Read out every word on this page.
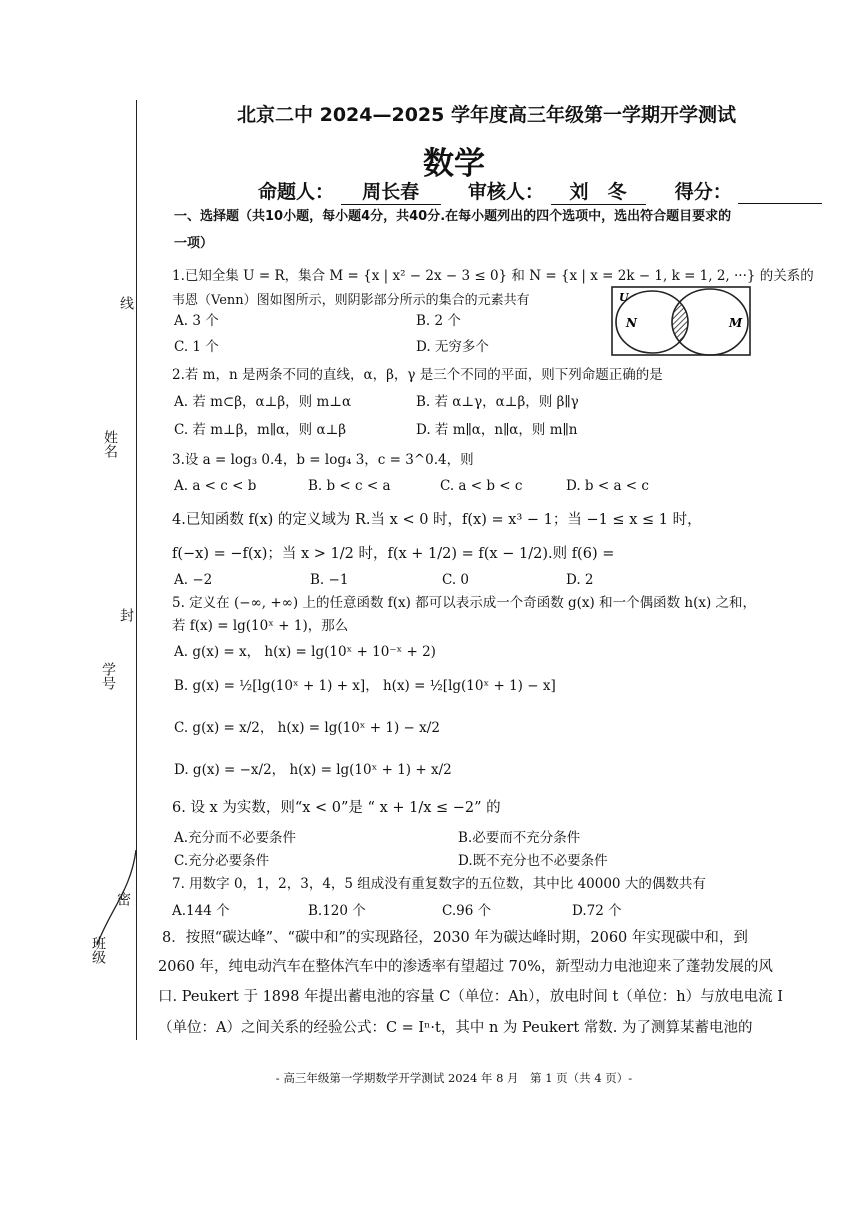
线
姓名
封
学号
密
班级
北京二中 2024—2025 学年度高三年级第一学期开学测试
数学
命题人： 周长春	审核人： 刘　冬	得分：
一、选择题（共10小题，每小题4分，共40分.在每小题列出的四个选项中，选出符合题目要求的
一项）
1.已知全集 U = R，集合 M = {x | x² − 2x − 3 ≤ 0} 和 N = {x | x = 2k − 1, k = 1, 2, ···} 的关系的
韦恩（Venn）图如图所示，则阴影部分所示的集合的元素共有
A. 3 个	B. 2 个
C. 1 个	D. 无穷多个
U
N	M
2.若 m，n 是两条不同的直线，α，β，γ 是三个不同的平面，则下列命题正确的是
A. 若 m⊂β，α⊥β，则 m⊥α	B. 若 α⊥γ，α⊥β，则 β∥γ
C. 若 m⊥β，m∥α，则 α⊥β	D. 若 m∥α，n∥α，则 m∥n
3.设 a = log₃ 0.4，b = log₄ 3，c = 3^0.4，则
A. a < c < b	B. b < c < a	C. a < b < c	D. b < a < c
4.已知函数 f(x) 的定义域为 R.当 x < 0 时，f(x) = x³ − 1；当 −1 ≤ x ≤ 1 时，
f(−x) = −f(x)；当 x > 1/2 时，f(x + 1/2) = f(x − 1/2).则 f(6) =
A. −2	B. −1	C. 0	D. 2
5. 定义在 (−∞, +∞) 上的任意函数 f(x) 都可以表示成一个奇函数 g(x) 和一个偶函数 h(x) 之和，
若 f(x) = lg(10ˣ + 1)，那么
A. g(x) = x， h(x) = lg(10ˣ + 10⁻ˣ + 2)
B. g(x) = ½[lg(10ˣ + 1) + x]， h(x) = ½[lg(10ˣ + 1) − x]
C. g(x) = x/2， h(x) = lg(10ˣ + 1) − x/2
D. g(x) = −x/2， h(x) = lg(10ˣ + 1) + x/2
6. 设 x 为实数，则“x < 0”是 “ x + 1/x ≤ −2” 的
A.充分而不必要条件	B.必要而不充分条件
C.充分必要条件	D.既不充分也不必要条件
7. 用数字 0，1，2，3，4，5 组成没有重复数字的五位数，其中比 40000 大的偶数共有
A.144 个	B.120 个	C.96 个	D.72 个
8．按照“碳达峰”、“碳中和”的实现路径，2030 年为碳达峰时期，2060 年实现碳中和，到
2060 年，纯电动汽车在整体汽车中的渗透率有望超过 70%，新型动力电池迎来了蓬勃发展的风
口. Peukert 于 1898 年提出蓄电池的容量 C（单位：Ah），放电时间 t（单位：h）与放电电流 I
（单位：A）之间关系的经验公式：C = Iⁿ·t，其中 n 为 Peukert 常数. 为了测算某蓄电池的
- 高三年级第一学期数学开学测试 2024 年 8 月　第 1 页（共 4 页）-
